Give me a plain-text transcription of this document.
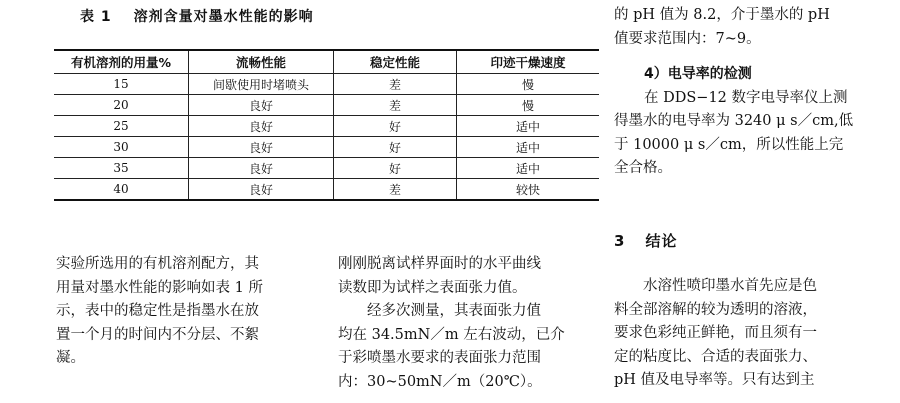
表 1 溶剂含量对墨水性能的影响
有机溶剂的用量%	流畅性能	稳定性能	印迹干燥速度
15	间歇使用时堵喷头	差	慢
20	良好	差	慢
25	良好	好	适中
30	良好	好	适中
35	良好	好	适中
40	良好	差	较快
实验所选用的有机溶剂配方，其
用量对墨水性能的影响如表 1 所
示，表中的稳定性是指墨水在放
置一个月的时间内不分层、不絮
凝。
刚刚脱离试样界面时的水平曲线
读数即为试样之表面张力值。
经多次测量，其表面张力值
均在 34.5mN／m 左右波动，已介
于彩喷墨水要求的表面张力范围
内：30~50mN／m（20℃）。
的 pH 值为 8.2，介于墨水的 pH
值要求范围内：7~9。
4）电导率的检测
在 DDS−12 数字电导率仪上测
得墨水的电导率为 3240 μ s／cm,低
于 10000 μ s／cm，所以性能上完
全合格。
3 结论
水溶性喷印墨水首先应是色
料全部溶解的较为透明的溶液，
要求色彩纯正鲜艳，而且须有一
定的粘度比、合适的表面张力、
pH 值及电导率等。只有达到主
